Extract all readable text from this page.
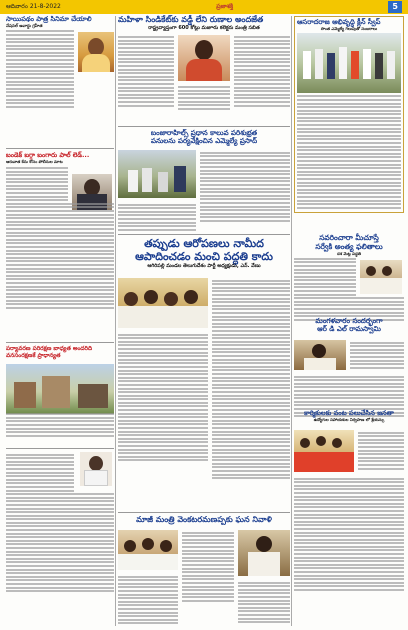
ఆదివారం 21-8-2022	ప్రజాశక్తి	5
సాయిపథం పాత్ర సినిమా చేయాలి
నేషనల్ అవార్డు గ్రహీత
బండెక్ బగ్గా బంగారు పాల్ లెడ్...
ఆరువాత కేసు కోసం పోలీసుల మాట
పర్యావరణ పరిరక్షణ బాధ్యత అందరిది
వనసంరక్షణకే ప్రాధాన్యత
మహిళా సిండికేట్‌కు వడ్డీ లేని రుణాల అందజేత
రాష్ట్రవ్యాప్తంగా 600 కోట్లు మజూరు కలెక్టరు మంత్రి సబిత
బంజారాహిల్స్ ప్రధాన కాలువ పరిశుభ్రత
పనులను పర్యవేక్షించిన ఎమ్మెల్యే ప్రసాద్
తప్పుడు ఆరోపణలు నామీద
ఆపాదించడం మంచి పద్ధతి కాదు
ఆగిరిపల్లి మండల తెలుగుదేశం పార్టీ అధ్యక్షుడు, ఎన్. వేణు
మాజీ మంత్రి వెంకటరమణప్పకు ఘన నివాళి
ఆసరాదరాజ అభివృద్ధి క్లీన్ స్వీప్
సొంత ఎమ్మెల్యే గెలుపుతో సంబరాలు
సవరించారా మీచూస్తే
సర్వేకి అంత్య ఫలితాలు
దశ మెట్ల పద్ధతి
మంగళవారం సందర్భంగా
ఆర్ డి ఎల్ రామస్వామి
కార్మికులకు వంట పలుచేసిన జనతా
ఉద్యోగుల సహాయకుల నిర్వహణ లో శ్రేయస్సు
